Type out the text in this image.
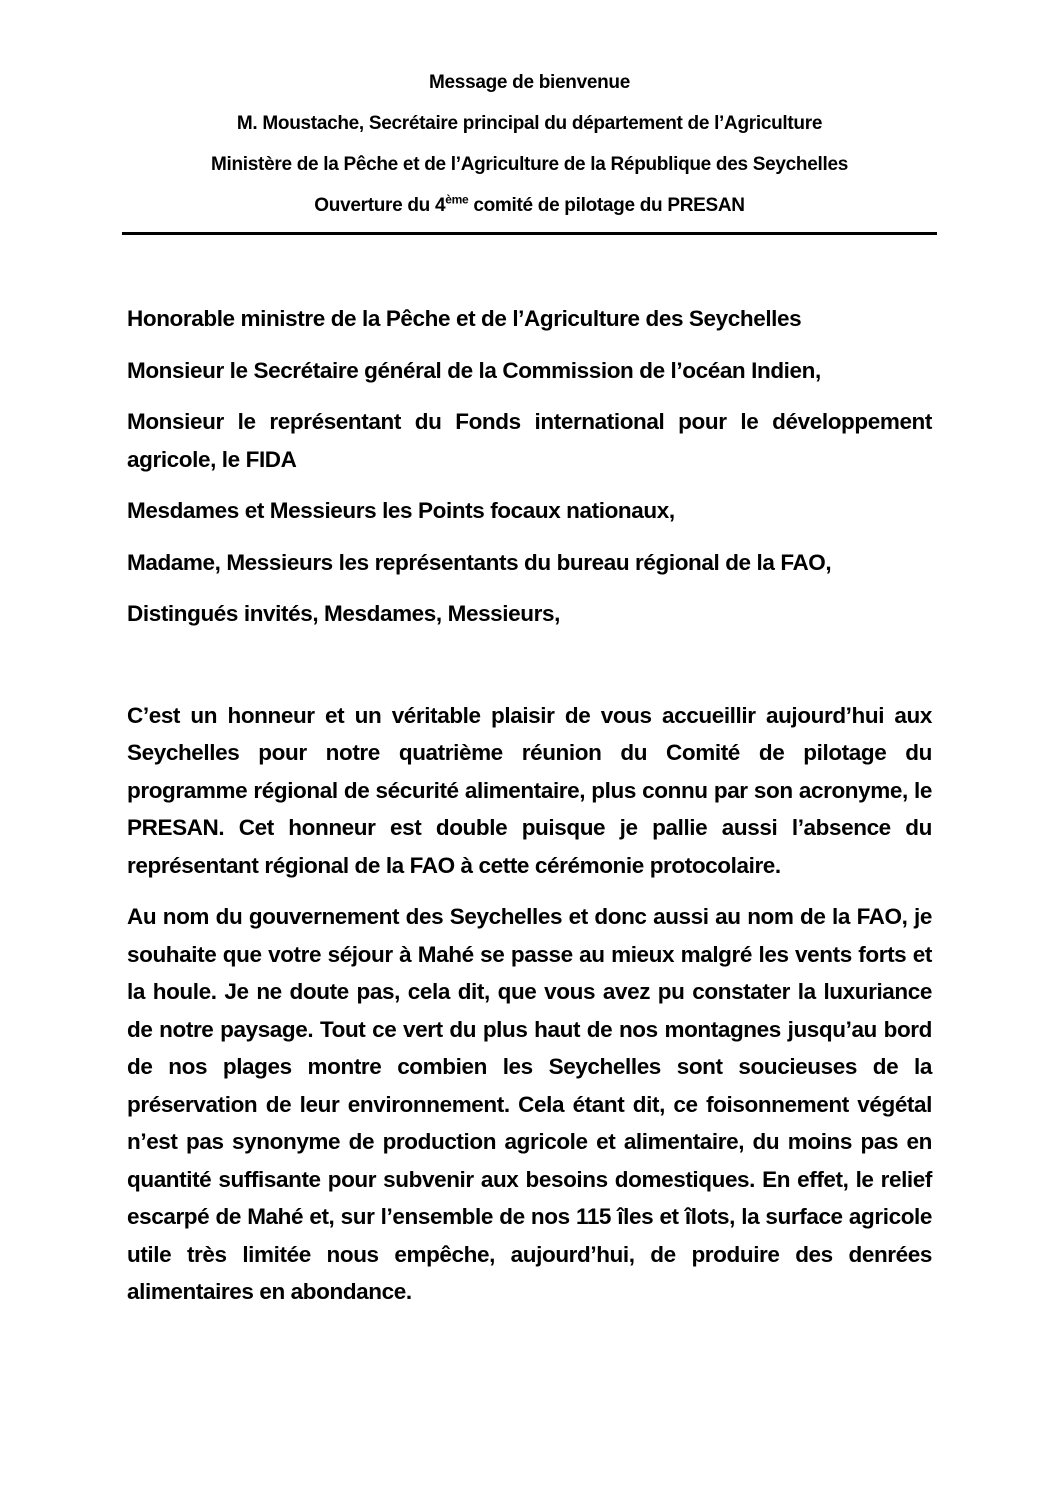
Message de bienvenue
M. Moustache, Secrétaire principal du département de l’Agriculture
Ministère de la Pêche et de l’Agriculture de la République des Seychelles
Ouverture du 4ème comité de pilotage du PRESAN
Honorable ministre de la Pêche et de l’Agriculture des Seychelles
Monsieur le Secrétaire général de la Commission de l’océan Indien,
Monsieur le représentant du Fonds international pour le développement agricole, le FIDA
Mesdames et Messieurs les Points focaux nationaux,
Madame, Messieurs les représentants du bureau régional de la FAO,
Distingués invités, Mesdames, Messieurs,
C’est un honneur et un véritable plaisir de vous accueillir aujourd’hui aux Seychelles pour notre quatrième réunion du Comité de pilotage du programme régional de sécurité alimentaire, plus connu par son acronyme, le PRESAN. Cet honneur est double puisque je pallie aussi l’absence du représentant régional de la FAO à cette cérémonie protocolaire.
Au nom du gouvernement des Seychelles et donc aussi au nom de la FAO, je souhaite que votre séjour à Mahé se passe au mieux malgré les vents forts et la houle. Je ne doute pas, cela dit, que vous avez pu constater la luxuriance de notre paysage. Tout ce vert du plus haut de nos montagnes jusqu’au bord de nos plages montre combien les Seychelles sont soucieuses de la préservation de leur environnement. Cela étant dit, ce foisonnement végétal n’est pas synonyme de production agricole et alimentaire, du moins pas en quantité suffisante pour subvenir aux besoins domestiques. En effet, le relief escarpé de Mahé et, sur l’ensemble de nos 115 îles et îlots, la surface agricole utile très limitée nous empêche, aujourd’hui, de produire des denrées alimentaires en abondance.
